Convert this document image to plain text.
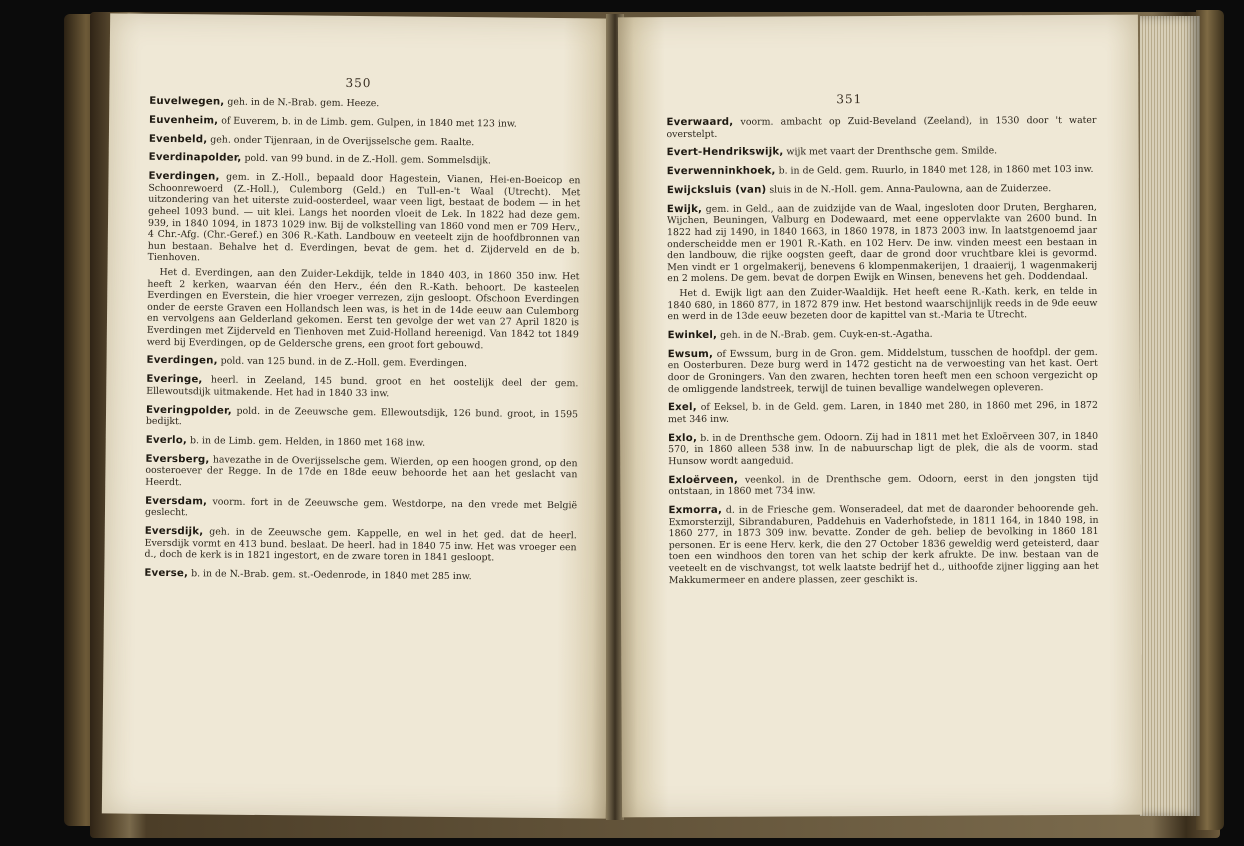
350

Euvelwegen, geh. in de N.-Brab. gem. Heeze.

Euvenheim, of Euverem, b. in de Limb. gem. Gulpen, in 1840 met 123 inw.

Evenbeld, geh. onder Tijenraan, in de Overijsselsche gem. Raalte.

Everdinapolder, pold. van 99 bund. in de Z.-Holl. gem. Sommelsdijk.

Everdingen, gem. in Z.-Holl., bepaald door Hagestein, Vianen, Hei-en-Boeicop en Schoonrewoerd (Z.-Holl.), Culemborg (Geld.) en Tull-en-'t Waal (Utrecht). Met uitzondering van het uiterste zuid-oosterdeel, waar veen ligt, bestaat de bodem — in het geheel 1093 bund. — uit klei. Langs het noorden vloeit de Lek. In 1822 had deze gem. 939, in 1840 1094, in 1873 1029 inw. Bij de volkstelling van 1860 vond men er 709 Herv., 4 Chr.-Afg. (Chr.-Geref.) en 306 R.-Kath. Landbouw en veeteelt zijn de hoofdbronnen van hun bestaan. Behalve het d. Everdingen, bevat de gem. het d. Zijderveld en de b. Tienhoven.

Het d. Everdingen, aan den Zuider-Lekdijk, telde in 1840 403, in 1860 350 inw. Het heeft 2 kerken, waarvan één den Herv., één den R.-Kath. behoort. De kasteelen Everdingen en Everstein, die hier vroeger verrezen, zijn gesloopt. Ofschoon Everdingen onder de eerste Graven een Hollandsch leen was, is het in de 14de eeuw aan Culemborg en vervolgens aan Gelderland gekomen. Eerst ten gevolge der wet van 27 April 1820 is Everdingen met Zijderveld en Tienhoven met Zuid-Holland hereenigd. Van 1842 tot 1849 werd bij Everdingen, op de Geldersche grens, een groot fort gebouwd.

Everdingen, pold. van 125 bund. in de Z.-Holl. gem. Everdingen.

Everinge, heerl. in Zeeland, 145 bund. groot en het oostelijk deel der gem. Ellewoutsdijk uitmakende. Het had in 1840 33 inw.

Everingpolder, pold. in de Zeeuwsche gem. Ellewoutsdijk, 126 bund. groot, in 1595 bedijkt.

Everlo, b. in de Limb. gem. Helden, in 1860 met 168 inw.

Eversberg, havezathe in de Overijsselsche gem. Wierden, op een hoogen grond, op den oosteroever der Regge. In de 17de en 18de eeuw behoorde het aan het geslacht van Heerdt.

Eversdam, voorm. fort in de Zeeuwsche gem. Westdorpe, na den vrede met België geslecht.

Eversdijk, geh. in de Zeeuwsche gem. Kappelle, en wel in het ged. dat de heerl. Eversdijk vormt en 413 bund. beslaat. De heerl. had in 1840 75 inw. Het was vroeger een d., doch de kerk is in 1821 ingestort, en de zware toren in 1841 gesloopt.

Everse, b. in de N.-Brab. gem. st.-Oedenrode, in 1840 met 285 inw.

351

Everwaard, voorm. ambacht op Zuid-Beveland (Zeeland), in 1530 door 't water overstelpt.

Evert-Hendrikswijk, wijk met vaart der Drenthsche gem. Smilde.

Everwenninkhoek, b. in de Geld. gem. Ruurlo, in 1840 met 128, in 1860 met 103 inw.

Ewijcksluis (van) sluis in de N.-Holl. gem. Anna-Paulowna, aan de Zuiderzee.

Ewijk, gem. in Geld., aan de zuidzijde van de Waal, ingesloten door Druten, Bergharen, Wijchen, Beuningen, Valburg en Dodewaard, met eene oppervlakte van 2600 bund. In 1822 had zij 1490, in 1840 1663, in 1860 1978, in 1873 2003 inw. In laatstgenoemd jaar onderscheidde men er 1901 R.-Kath. en 102 Herv. De inw. vinden meest een bestaan in den landbouw, die rijke oogsten geeft, daar de grond door vruchtbare klei is gevormd. Men vindt er 1 orgelmakerij, benevens 6 klompenmakerijen, 1 draaierij, 1 wagenmakerij en 2 molens. De gem. bevat de dorpen Ewijk en Winsen, benevens het geh. Doddendaal.

Het d. Ewijk ligt aan den Zuider-Waaldijk. Het heeft eene R.-Kath. kerk, en telde in 1840 680, in 1860 877, in 1872 879 inw. Het bestond waarschijnlijk reeds in de 9de eeuw en werd in de 13de eeuw bezeten door de kapittel van st.-Maria te Utrecht.

Ewinkel, geh. in de N.-Brab. gem. Cuyk-en-st.-Agatha.

Ewsum, of Ewssum, burg in de Gron. gem. Middelstum, tusschen de hoofdpl. der gem. en Oosterburen. Deze burg werd in 1472 gesticht na de verwoesting van het kast. Oert door de Groningers. Van den zwaren, hechten toren heeft men een schoon vergezicht op de omliggende landstreek, terwijl de tuinen bevallige wandelwegen opleveren.

Exel, of Eeksel, b. in de Geld. gem. Laren, in 1840 met 280, in 1860 met 296, in 1872 met 346 inw.

Exlo, b. in de Drenthsche gem. Odoorn. Zij had in 1811 met het Exloërveen 307, in 1840 570, in 1860 alleen 538 inw. In de nabuurschap ligt de plek, die als de voorm. stad Hunsow wordt aangeduid.

Exloërveen, veenkol. in de Drenthsche gem. Odoorn, eerst in den jongsten tijd ontstaan, in 1860 met 734 inw.

Exmorra, d. in de Friesche gem. Wonseradeel, dat met de daaronder behoorende geh. Exmorsterzijl, Sibrandaburen, Paddehuis en Vaderhofstede, in 1811 164, in 1840 198, in 1860 277, in 1873 309 inw. bevatte. Zonder de geh. beliep de bevolking in 1860 181 personen. Er is eene Herv. kerk, die den 27 October 1836 geweldig werd geteisterd, daar toen een windhoos den toren van het schip der kerk afrukte. De inw. bestaan van de veeteelt en de vischvangst, tot welk laatste bedrijf het d., uithoofde zijner ligging aan het Makkumermeer en andere plassen, zeer geschikt is.
